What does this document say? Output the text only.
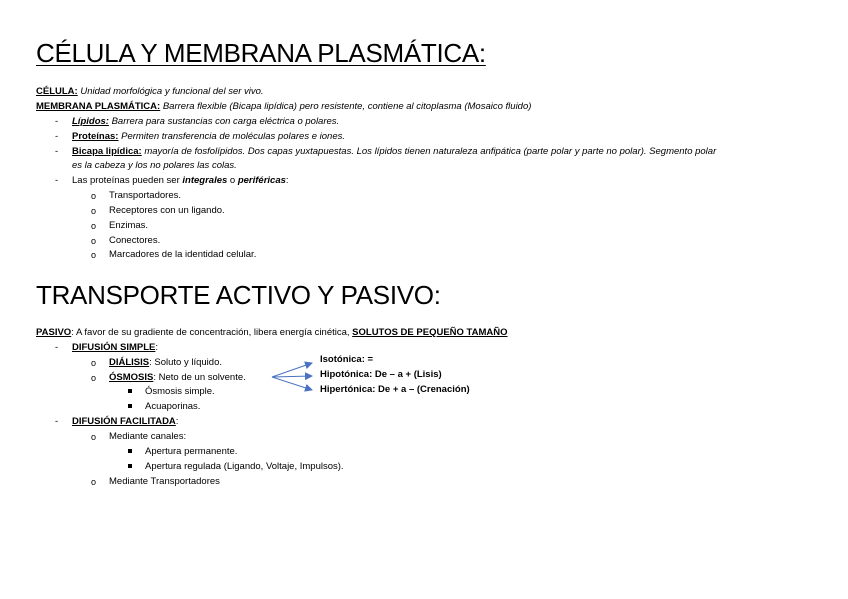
CÉLULA Y MEMBRANA PLASMÁTICA:
CÉLULA: Unidad morfológica y funcional del ser vivo.
MEMBRANA PLASMÁTICA: Barrera flexible (Bicapa lipídica) pero resistente, contiene al citoplasma (Mosaico fluido)
- Lípidos: Barrera para sustancias con carga eléctrica o polares.
- Proteínas: Permiten transferencia de moléculas polares e iones.
- Bicapa lipídica: mayoría de fosfolípidos. Dos capas yuxtapuestas. Los lípidos tienen naturaleza anfipática (parte polar y parte no polar). Segmento polar
es la cabeza y los no polares las colas.
- Las proteínas pueden ser integrales o periféricas:
o Transportadores.
o Receptores con un ligando.
o Enzimas.
o Conectores.
o Marcadores de la identidad celular.
TRANSPORTE ACTIVO Y PASIVO:
PASIVO: A favor de su gradiente de concentración, libera energía cinética, SOLUTOS DE PEQUEÑO TAMAÑO
- DIFUSIÓN SIMPLE:
o DIÁLISIS: Soluto y líquido.
o ÓSMOSIS: Neto de un solvente.
Ósmosis simple.
Acuaporinas.
Isotónica: =
Hipotónica: De – a + (Lisis)
Hipertónica: De + a – (Crenación)
- DIFUSIÓN FACILITADA:
o Mediante canales:
Apertura permanente.
Apertura regulada (Ligando, Voltaje, Impulsos).
o Mediante Transportadores
